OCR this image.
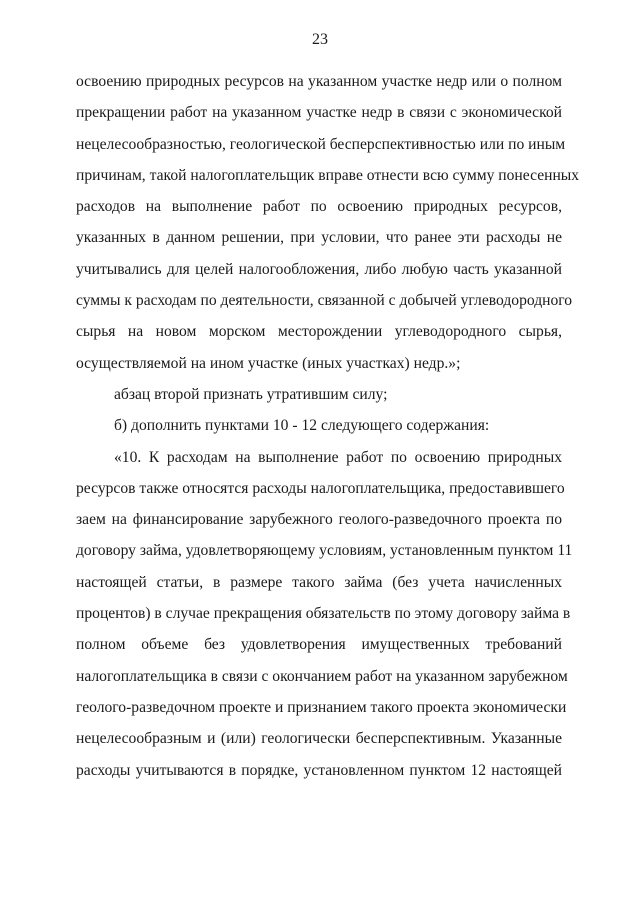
23
освоению природных ресурсов на указанном участке недр или о полном
прекращении работ на указанном участке недр в связи с экономической
нецелесообразностью, геологической бесперспективностью или по иным
причинам, такой налогоплательщик вправе отнести всю сумму понесенных
расходов на выполнение работ по освоению природных ресурсов,
указанных в данном решении, при условии, что ранее эти расходы не
учитывались для целей налогообложения, либо любую часть указанной
суммы к расходам по деятельности, связанной с добычей углеводородного
сырья на новом морском месторождении углеводородного сырья,
осуществляемой на ином участке (иных участках) недр.»;
абзац второй признать утратившим силу;
б) дополнить пунктами 10 - 12 следующего содержания:
«10. К расходам на выполнение работ по освоению природных
ресурсов также относятся расходы налогоплательщика, предоставившего
заем на финансирование зарубежного геолого-разведочного проекта по
договору займа, удовлетворяющему условиям, установленным пунктом 11
настоящей статьи, в размере такого займа (без учета начисленных
процентов) в случае прекращения обязательств по этому договору займа в
полном объеме без удовлетворения имущественных требований
налогоплательщика в связи с окончанием работ на указанном зарубежном
геолого-разведочном проекте и признанием такого проекта экономически
нецелесообразным и (или) геологически бесперспективным. Указанные
расходы учитываются в порядке, установленном пунктом 12 настоящей
